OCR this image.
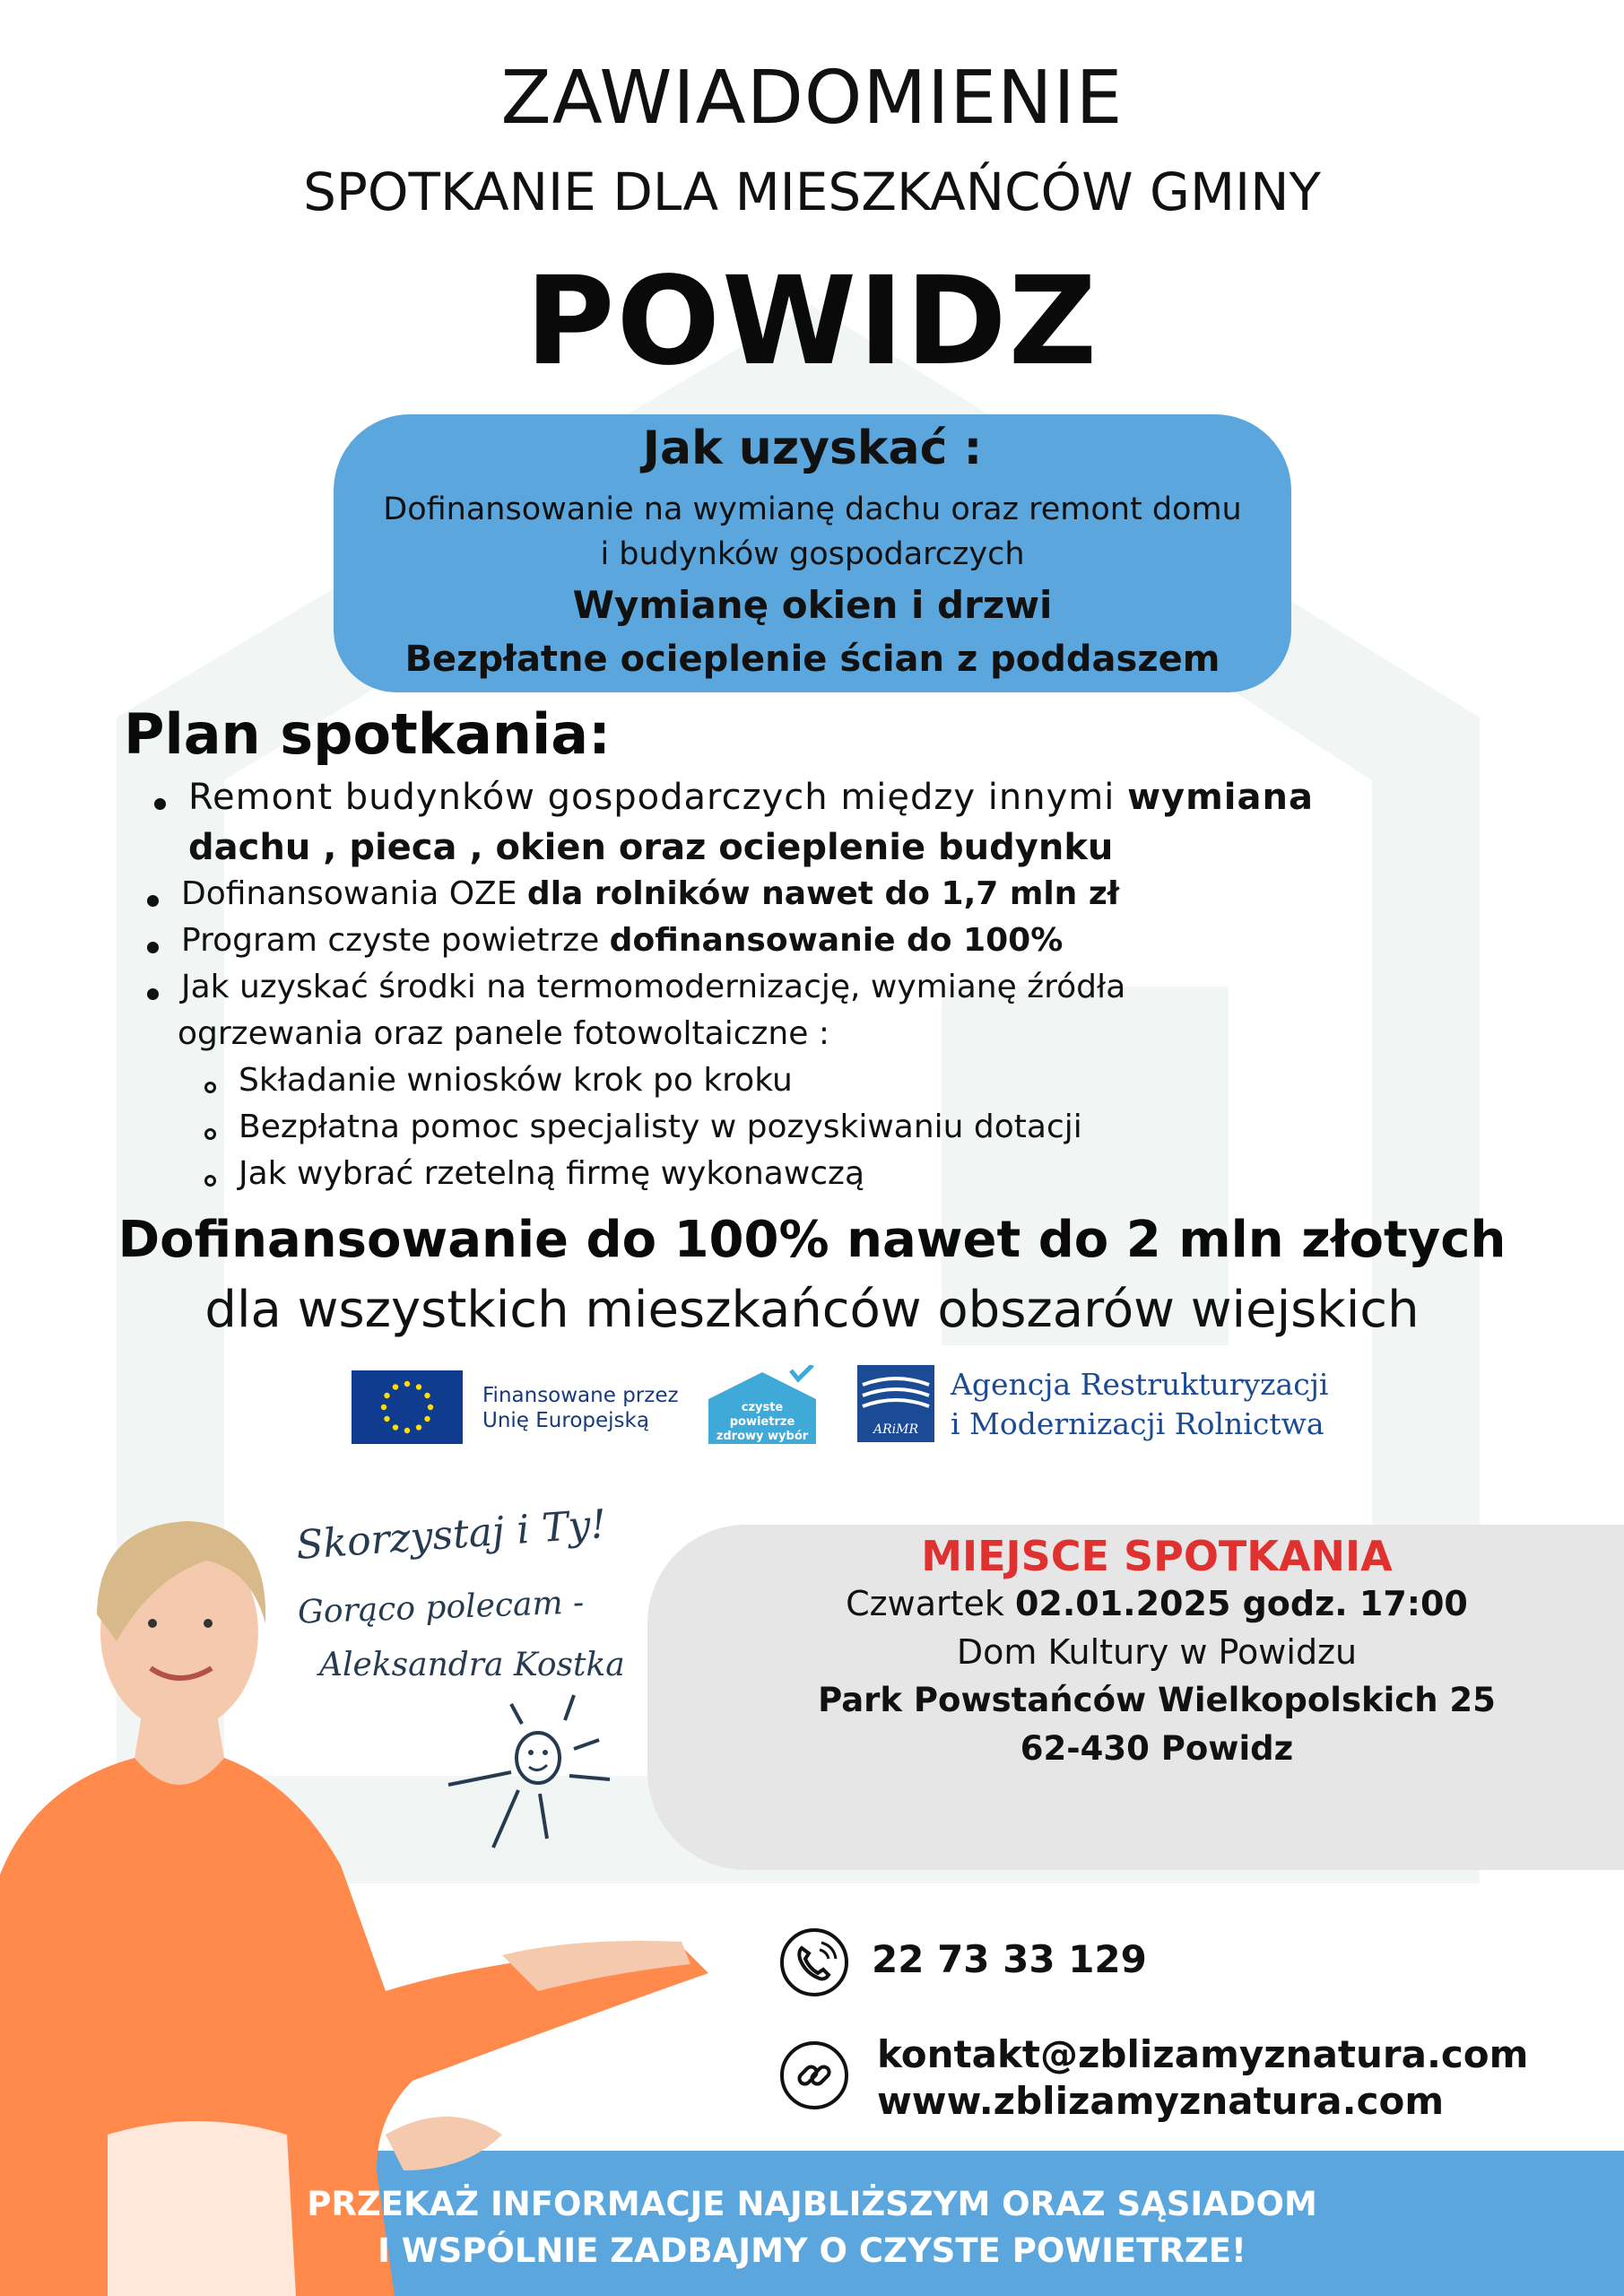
ZAWIADOMIENIE
SPOTKANIE DLA MIESZKAŃCÓW GMINY
POWIDZ
Jak uzyskać :
Dofinansowanie na wymianę dachu oraz remont domu
i budynków gospodarczych
Wymianę okien i drzwi
Bezpłatne ocieplenie ścian z poddaszem
Plan spotkania:
Remont budynków gospodarczych między innymi wymiana
dachu , pieca , okien oraz ocieplenie budynku
Dofinansowania OZE dla rolników nawet do 1,7 mln zł
Program czyste powietrze dofinansowanie do 100%
Jak uzyskać środki na termomodernizację, wymianę źródła
ogrzewania oraz panele fotowoltaiczne :
Składanie wniosków krok po kroku
Bezpłatna pomoc specjalisty w pozyskiwaniu dotacji
Jak wybrać rzetelną firmę wykonawczą
Dofinansowanie do 100% nawet do 2 mln złotych
dla wszystkich mieszkańców obszarów wiejskich
Finansowane przez
Unię Europejską
czyste powietrze
zdrowy wybór	ARiMR
Agencja Restrukturyzacji
i Modernizacji Rolnictwa
MIEJSCE SPOTKANIA
Czwartek 02.01.2025 godz. 17:00
Dom Kultury w Powidzu
Park Powstańców Wielkopolskich 25
62-430 Powidz
Skorzystaj i Ty!
Gorąco polecam -
Aleksandra Kostka
22 73 33 129
kontakt@zblizamyznatura.com
www.zblizamyznatura.com
PRZEKAŻ INFORMACJE NAJBLIŻSZYM ORAZ SĄSIADOM
I WSPÓLNIE ZADBAJMY O CZYSTE POWIETRZE!
